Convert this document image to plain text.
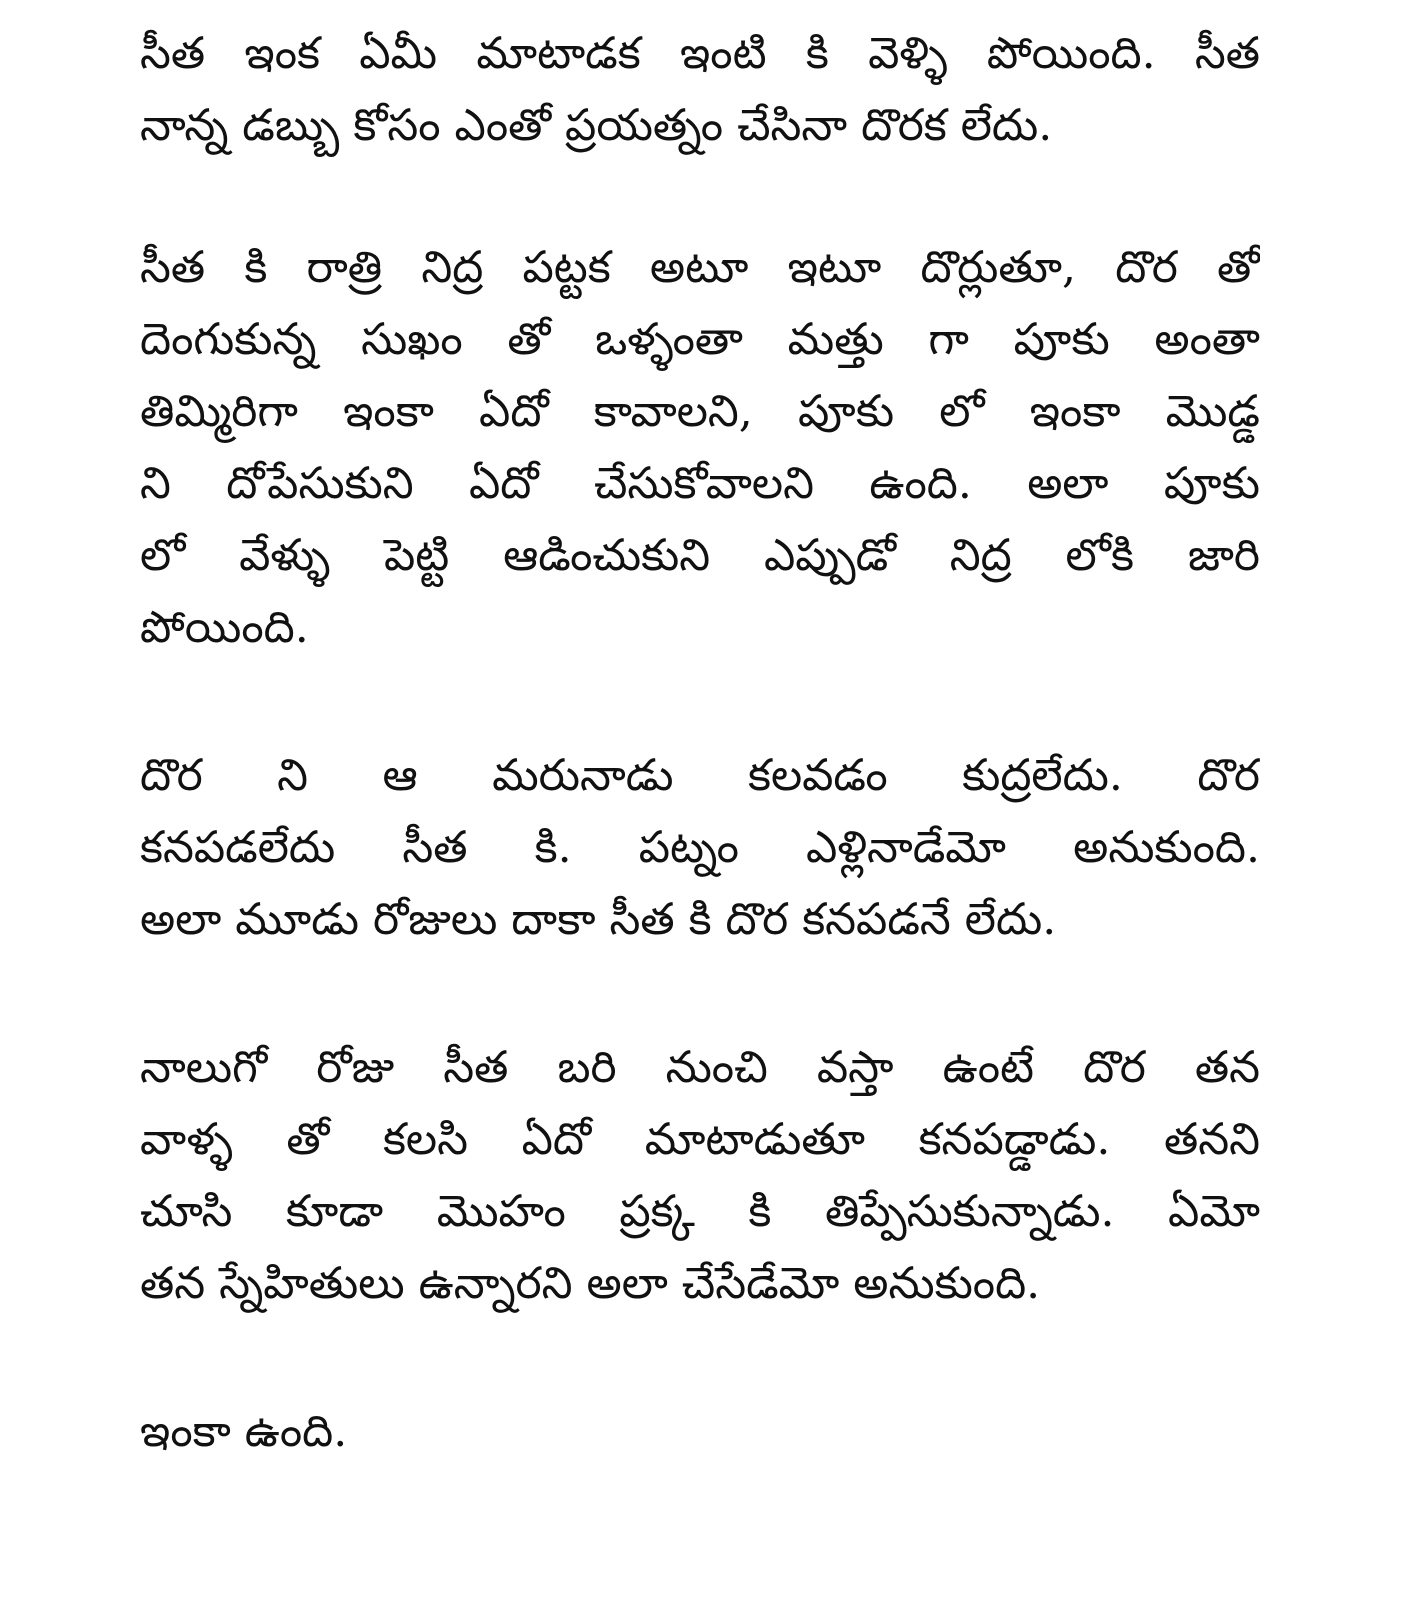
సీత ఇంక ఏమీ మాటాడక ఇంటి కి వెళ్ళి పోయింది. సీత
నాన్న డబ్బు కోసం ఎంతో ప్రయత్నం చేసినా దొరక లేదు.
సీత కి రాత్రి నిద్ర పట్టక అటూ ఇటూ దొర్లుతూ, దొర తో
దెంగుకున్న సుఖం తో ఒళ్ళంతా మత్తు గా పూకు అంతా
తిమ్మిరిగా ఇంకా ఏదో కావాలని, పూకు లో ఇంకా మొడ్డ
ని దోపేసుకుని ఏదో చేసుకోవాలని ఉంది. అలా పూకు
లో వేళ్ళు పెట్టి ఆడించుకుని ఎప్పుడో నిద్ర లోకి జారి
పోయింది.
దొర ని ఆ మరునాడు కలవడం కుద్రలేదు. దొర
కనపడలేదు సీత కి. పట్నం ఎళ్లినాడేమో అనుకుంది.
అలా మూడు రోజులు దాకా సీత కి దొర కనపడనే లేదు.
నాలుగో రోజు సీత బరి నుంచి వస్తా ఉంటే దొర తన
వాళ్ళ తో కలసి ఏదో మాటాడుతూ కనపడ్డాడు. తనని
చూసి కూడా మొహం ప్రక్క కి తిప్పేసుకున్నాడు. ఏమో
తన స్నేహితులు ఉన్నారని అలా చేసేడేమో అనుకుంది.
ఇంకా ఉంది.
